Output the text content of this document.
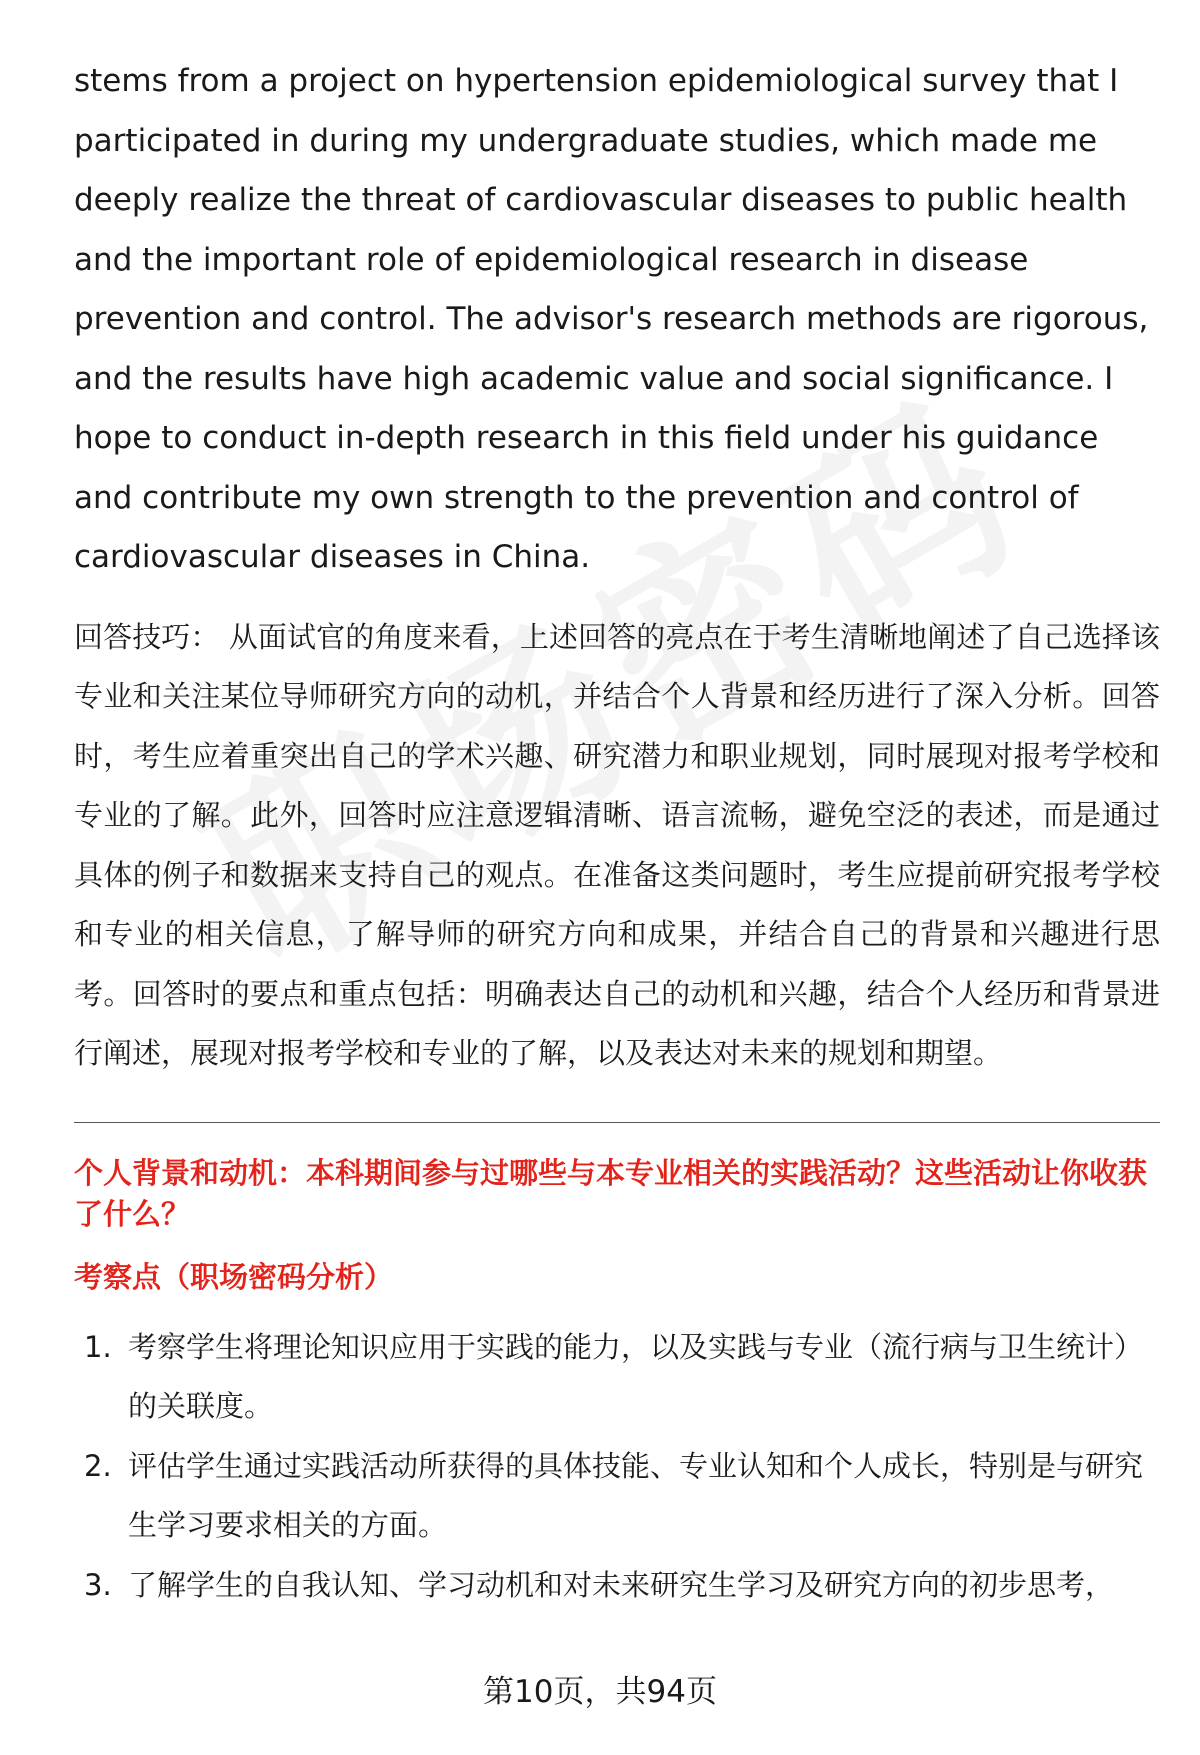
stems from a project on hypertension epidemiological survey that I participated in during my undergraduate studies, which made me deeply realize the threat of cardiovascular diseases to public health and the important role of epidemiological research in disease prevention and control. The advisor's research methods are rigorous, and the results have high academic value and social significance. I hope to conduct in-depth research in this field under his guidance and contribute my own strength to the prevention and control of cardiovascular diseases in China.

回答技巧： 从面试官的角度来看，上述回答的亮点在于考生清晰地阐述了自己选择该专业和关注某位导师研究方向的动机，并结合个人背景和经历进行了深入分析。回答时，考生应着重突出自己的学术兴趣、研究潜力和职业规划，同时展现对报考学校和专业的了解。此外，回答时应注意逻辑清晰、语言流畅，避免空泛的表述，而是通过具体的例子和数据来支持自己的观点。在准备这类问题时，考生应提前研究报考学校和专业的相关信息，了解导师的研究方向和成果，并结合自己的背景和兴趣进行思考。回答时的要点和重点包括：明确表达自己的动机和兴趣，结合个人经历和背景进行阐述，展现对报考学校和专业的了解，以及表达对未来的规划和期望。

个人背景和动机：本科期间参与过哪些与本专业相关的实践活动？这些活动让你收获了什么？

考察点（职场密码分析）

1. 考察学生将理论知识应用于实践的能力，以及实践与专业（流行病与卫生统计）的关联度。
2. 评估学生通过实践活动所获得的具体技能、专业认知和个人成长，特别是与研究生学习要求相关的方面。
3. 了解学生的自我认知、学习动机和对未来研究生学习及研究方向的初步思考，
第10页，共94页
